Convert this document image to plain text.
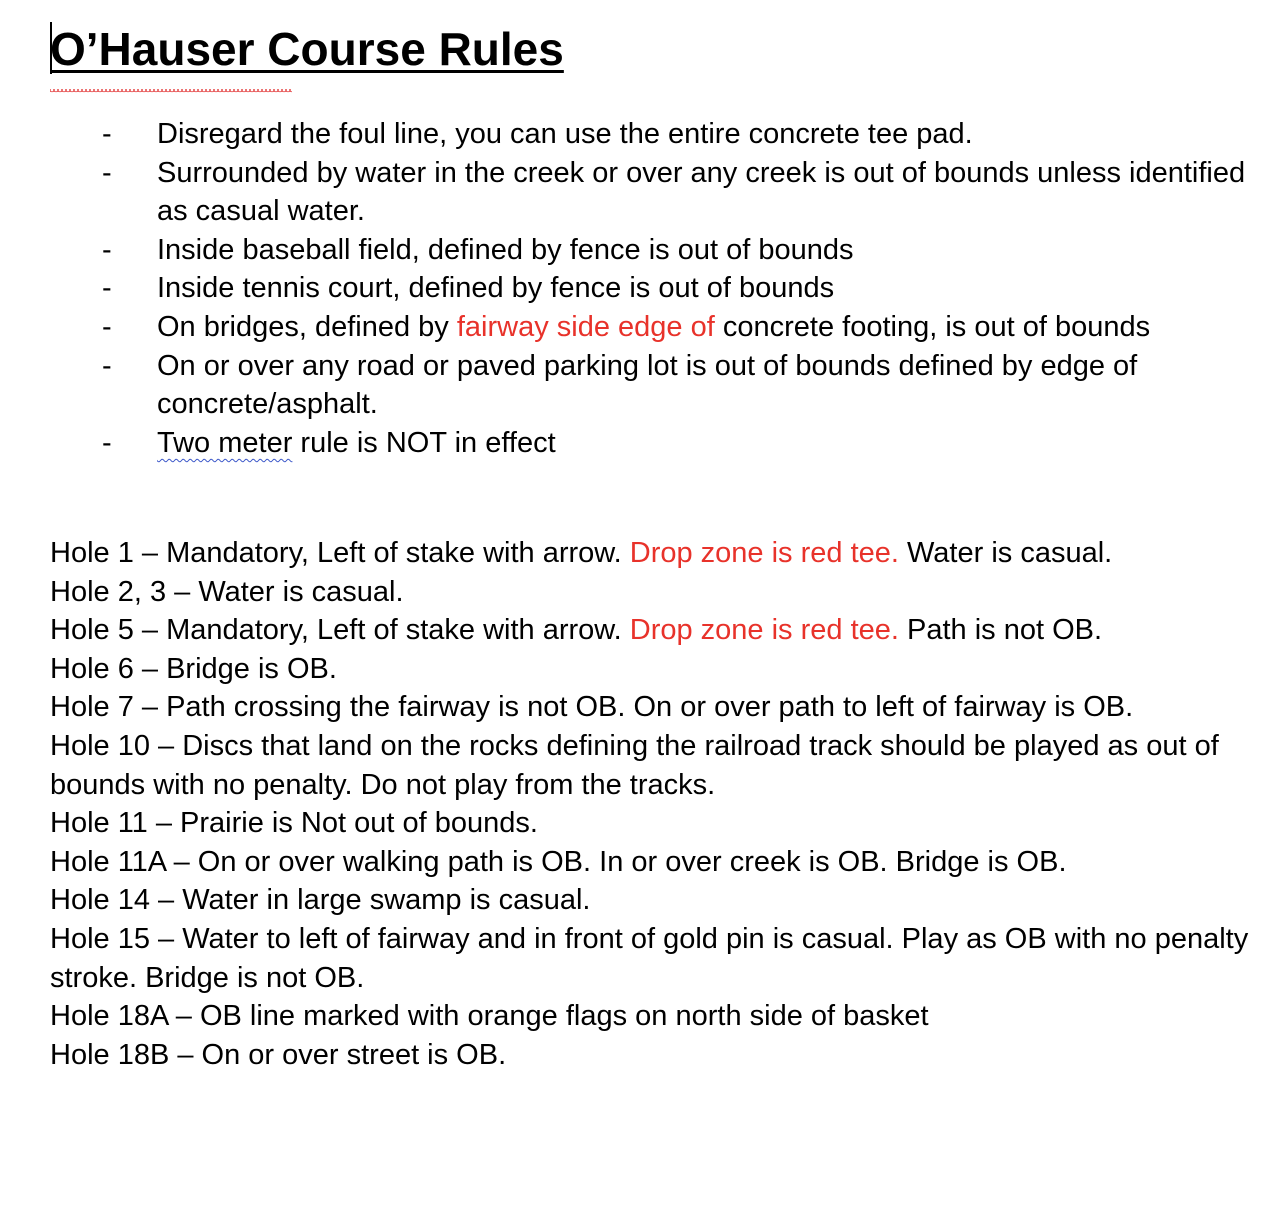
O’Hauser Course Rules
- Disregard the foul line, you can use the entire concrete tee pad.
- Surrounded by water in the creek or over any creek is out of bounds unless identified as casual water.
- Inside baseball field, defined by fence is out of bounds
- Inside tennis court, defined by fence is out of bounds
- On bridges, defined by fairway side edge of concrete footing, is out of bounds
- On or over any road or paved parking lot is out of bounds defined by edge of concrete/asphalt.
- Two meter rule is NOT in effect
Hole 1 – Mandatory, Left of stake with arrow. Drop zone is red tee. Water is casual.
Hole 2, 3 – Water is casual.
Hole 5 – Mandatory, Left of stake with arrow. Drop zone is red tee. Path is not OB.
Hole 6 – Bridge is OB.
Hole 7 – Path crossing the fairway is not OB. On or over path to left of fairway is OB.
Hole 10 – Discs that land on the rocks defining the railroad track should be played as out of bounds with no penalty. Do not play from the tracks.
Hole 11 – Prairie is Not out of bounds.
Hole 11A – On or over walking path is OB. In or over creek is OB. Bridge is OB.
Hole 14 – Water in large swamp is casual.
Hole 15 – Water to left of fairway and in front of gold pin is casual. Play as OB with no penalty stroke. Bridge is not OB.
Hole 18A – OB line marked with orange flags on north side of basket
Hole 18B – On or over street is OB.
